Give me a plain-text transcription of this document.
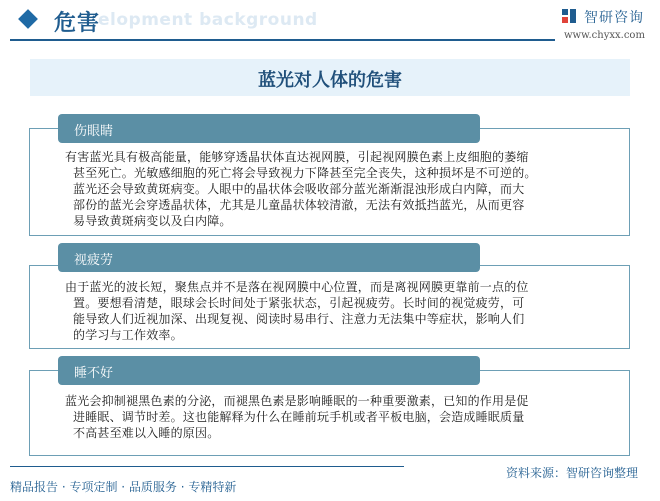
elopment background
危害	智研咨询
www.chyxx.com
蓝光对人体的危害
伤眼睛
有害蓝光具有极高能量，能够穿透晶状体直达视网膜，引起视网膜色素上皮细胞的萎缩
甚至死亡。光敏感细胞的死亡将会导致视力下降甚至完全丧失，这种损坏是不可逆的。
蓝光还会导致黄斑病变。人眼中的晶状体会吸收部分蓝光渐渐混浊形成白内障，而大
部份的蓝光会穿透晶状体，尤其是儿童晶状体较清澈，无法有效抵挡蓝光，从而更容
易导致黄斑病变以及白内障。
视疲劳
由于蓝光的波长短，聚焦点并不是落在视网膜中心位置，而是离视网膜更靠前一点的位
置。要想看清楚，眼球会长时间处于紧张状态，引起视疲劳。长时间的视觉疲劳，可
能导致人们近视加深、出现复视、阅读时易串行、注意力无法集中等症状，影响人们
的学习与工作效率。
睡不好
蓝光会抑制褪黑色素的分泌，而褪黑色素是影响睡眠的一种重要激素，已知的作用是促
进睡眠、调节时差。这也能解释为什么在睡前玩手机或者平板电脑，会造成睡眠质量
不高甚至难以入睡的原因。
资料来源：智研咨询整理
精品报告 · 专项定制 · 品质服务 · 专精特新
